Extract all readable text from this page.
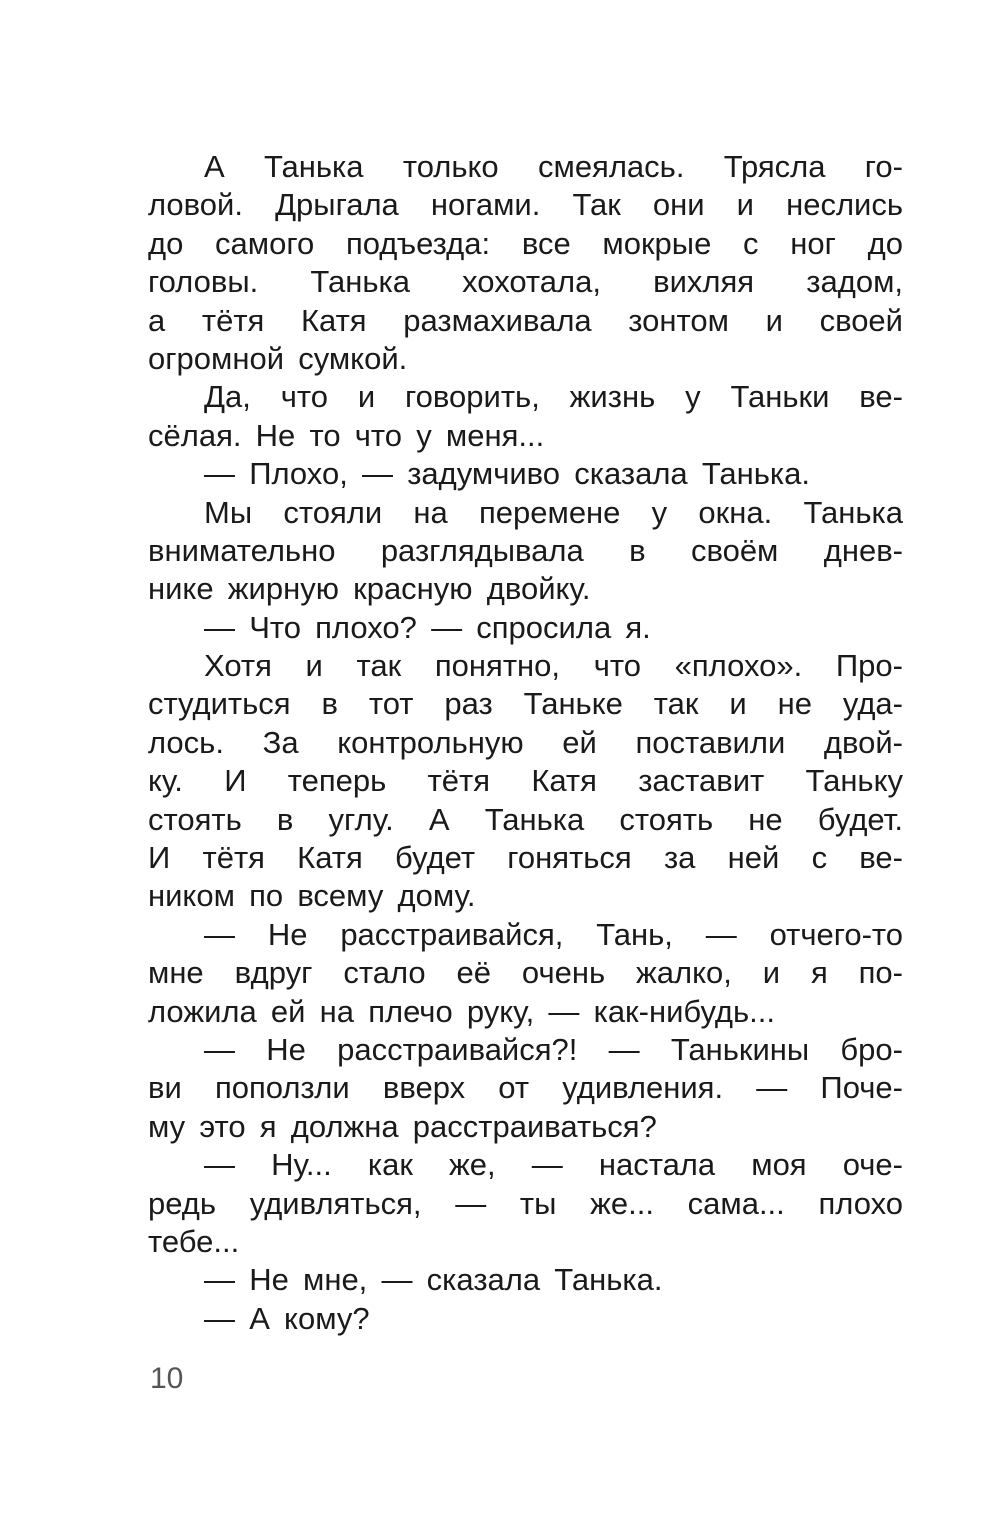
А Танька только смеялась. Трясла го-
ловой. Дрыгала ногами. Так они и неслись
до самого подъезда: все мокрые с ног до
головы. Танька хохотала, вихляя задом,
а тётя Катя размахивала зонтом и своей
огромной сумкой.
Да, что и говорить, жизнь у Таньки ве-
сёлая. Не то что у меня...
— Плохо, — задумчиво сказала Танька.
Мы стояли на перемене у окна. Танька
внимательно разглядывала в своём днев-
нике жирную красную двойку.
— Что плохо? — спросила я.
Хотя и так понятно, что «плохо». Про-
студиться в тот раз Таньке так и не уда-
лось. За контрольную ей поставили двой-
ку. И теперь тётя Катя заставит Таньку
стоять в углу. А Танька стоять не будет.
И тётя Катя будет гоняться за ней с ве-
ником по всему дому.
— Не расстраивайся, Тань, — отчего-то
мне вдруг стало её очень жалко, и я по-
ложила ей на плечо руку, — как-нибудь...
— Не расстраивайся?! — Танькины бро-
ви поползли вверх от удивления. — Поче-
му это я должна расстраиваться?
— Ну... как же, — настала моя оче-
редь удивляться, — ты же... сама... плохо
тебе...
— Не мне, — сказала Танька.
— А кому?
10
